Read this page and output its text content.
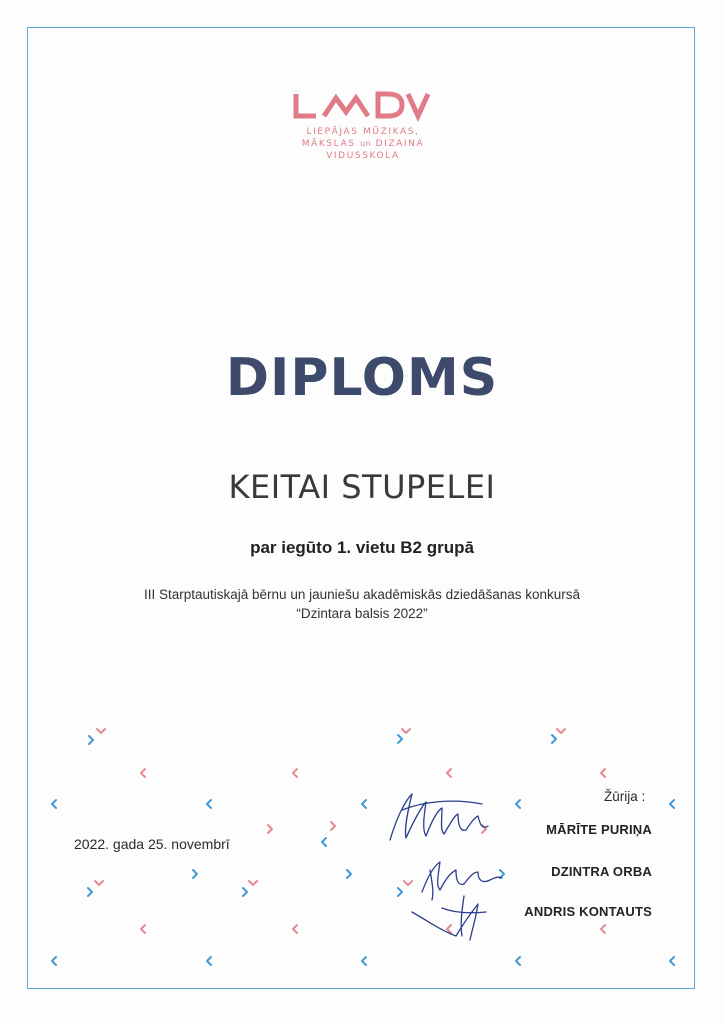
LIEPĀJAS MŪZIKAS,
MĀKSLAS un DIZAINA
VIDUSSKOLA
DIPLOMS
KEITAI STUPELEI
par iegūto 1. vietu B2 grupā
III Starptautiskajā bērnu un jauniešu akadēmiskās dziedāšanas konkursā
“Dzintara balsis 2022”
2022. gada 25. novembrī
Žūrija :
MĀRĪTE PURIŅA
DZINTRA ORBA
ANDRIS KONTAUTS
